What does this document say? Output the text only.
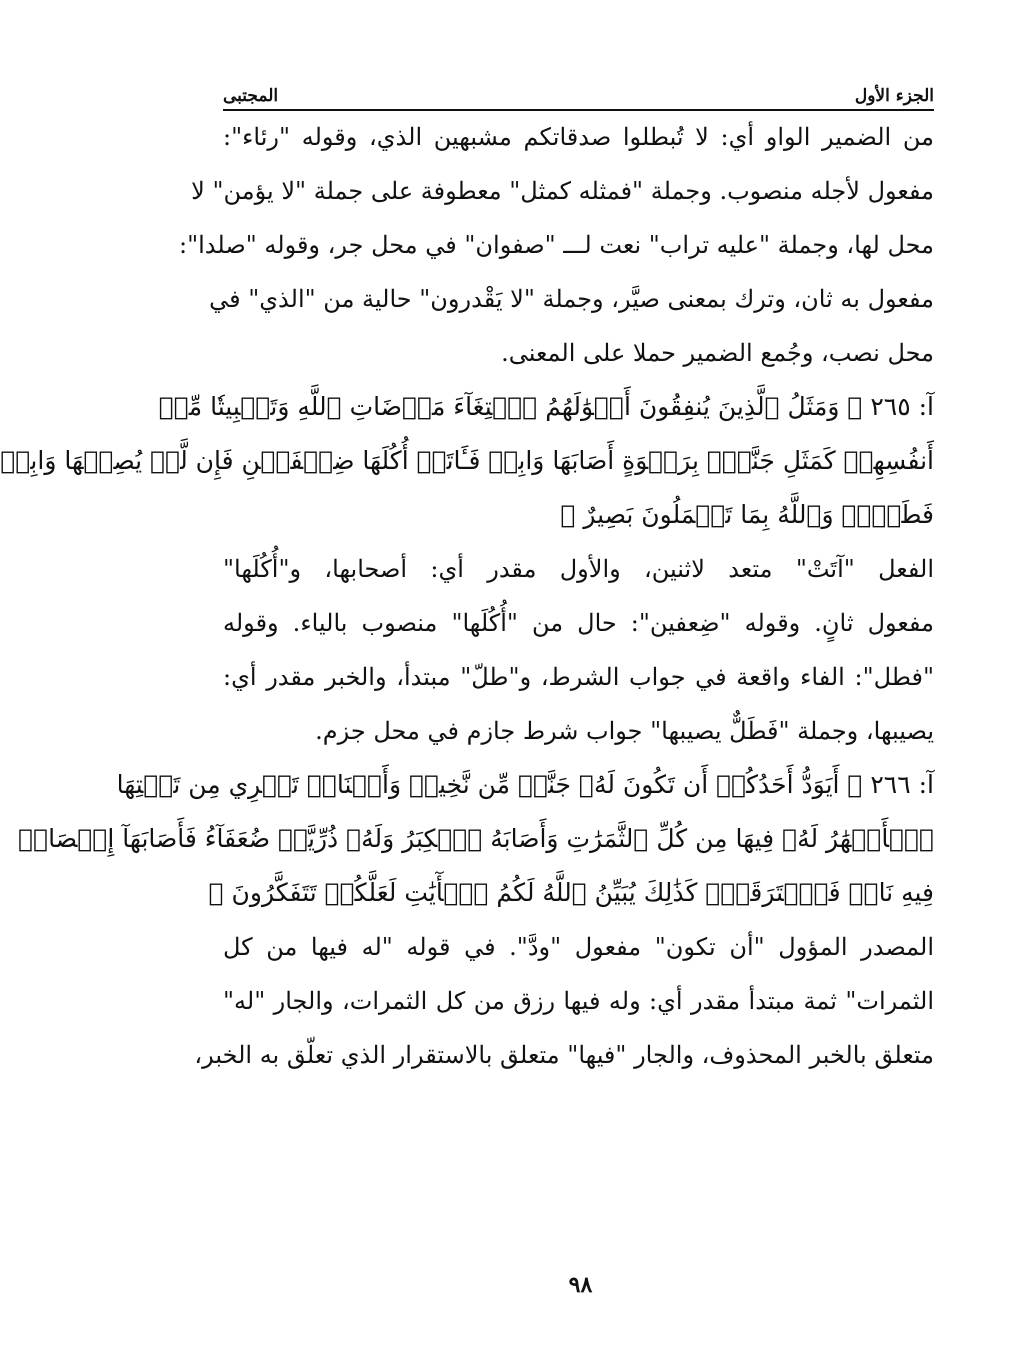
الجزء الأول
المجتبى
من الضمير الواو أي: لا تُبطلوا صدقاتكم مشبهين الذي، وقوله "رئاء":
مفعول لأجله منصوب. وجملة "فمثله كمثل" معطوفة على جملة "لا يؤمن" لا
محل لها، وجملة "عليه تراب" نعت لـــ "صفوان" في محل جر، وقوله "صلدا":
مفعول به ثان، وترك بمعنى صيَّر، وجملة "لا يَقْدرون" حالية من "الذي" في
محل نصب، وجُمع الضمير حملا على المعنى.
آ: ٢٦٥ ﴿ وَمَثَلُ ٱلَّذِينَ يُنفِقُونَ أَمۡوَٰلَهُمُ ٱبۡتِغَآءَ مَرۡضَاتِ ٱللَّهِ وَتَثۡبِيتٗا مِّنۡ
أَنفُسِهِمۡ كَمَثَلِ جَنَّةِۭ بِرَبۡوَةٍ أَصَابَهَا وَابِلٞ فَـَٔاتَتۡ أُكُلَهَا ضِعۡفَيۡنِ فَإِن لَّمۡ يُصِبۡهَا وَابِلٞ
فَطَلّٞۗ وَٱللَّهُ بِمَا تَعۡمَلُونَ بَصِيرٌ ﴾
الفعل "آتَتْ" متعد لاثنين، والأول مقدر أي: أصحابها، و"أُكُلَها"
مفعول ثانٍ. وقوله "ضِعفين": حال من "أُكُلَها" منصوب بالياء. وقوله
"فطل": الفاء واقعة في جواب الشرط، و"طلّ" مبتدأ، والخبر مقدر أي:
يصيبها، وجملة "فَطَلٌّ يصيبها" جواب شرط جازم في محل جزم.
آ: ٢٦٦ ﴿ أَيَوَدُّ أَحَدُكُمۡ أَن تَكُونَ لَهُۥ جَنَّةٞ مِّن نَّخِيلٖ وَأَعۡنَابٖ تَجۡرِي مِن تَحۡتِهَا
ٱلۡأَنۡهَٰرُ لَهُۥ فِيهَا مِن كُلِّ ٱلثَّمَرَٰتِ وَأَصَابَهُ ٱلۡكِبَرُ وَلَهُۥ ذُرِّيَّةٞ ضُعَفَآءُ فَأَصَابَهَآ إِعۡصَارٞ
فِيهِ نَارٞ فَٱحۡتَرَقَتۡۗ كَذَٰلِكَ يُبَيِّنُ ٱللَّهُ لَكُمُ ٱلۡأٓيَٰتِ لَعَلَّكُمۡ تَتَفَكَّرُونَ ﴾
المصدر المؤول "أن تكون" مفعول "ودَّ". في قوله "له فيها من كل
الثمرات" ثمة مبتدأ مقدر أي: وله فيها رزق من كل الثمرات، والجار "له"
متعلق بالخبر المحذوف، والجار "فيها" متعلق بالاستقرار الذي تعلّق به الخبر،
٩٨
